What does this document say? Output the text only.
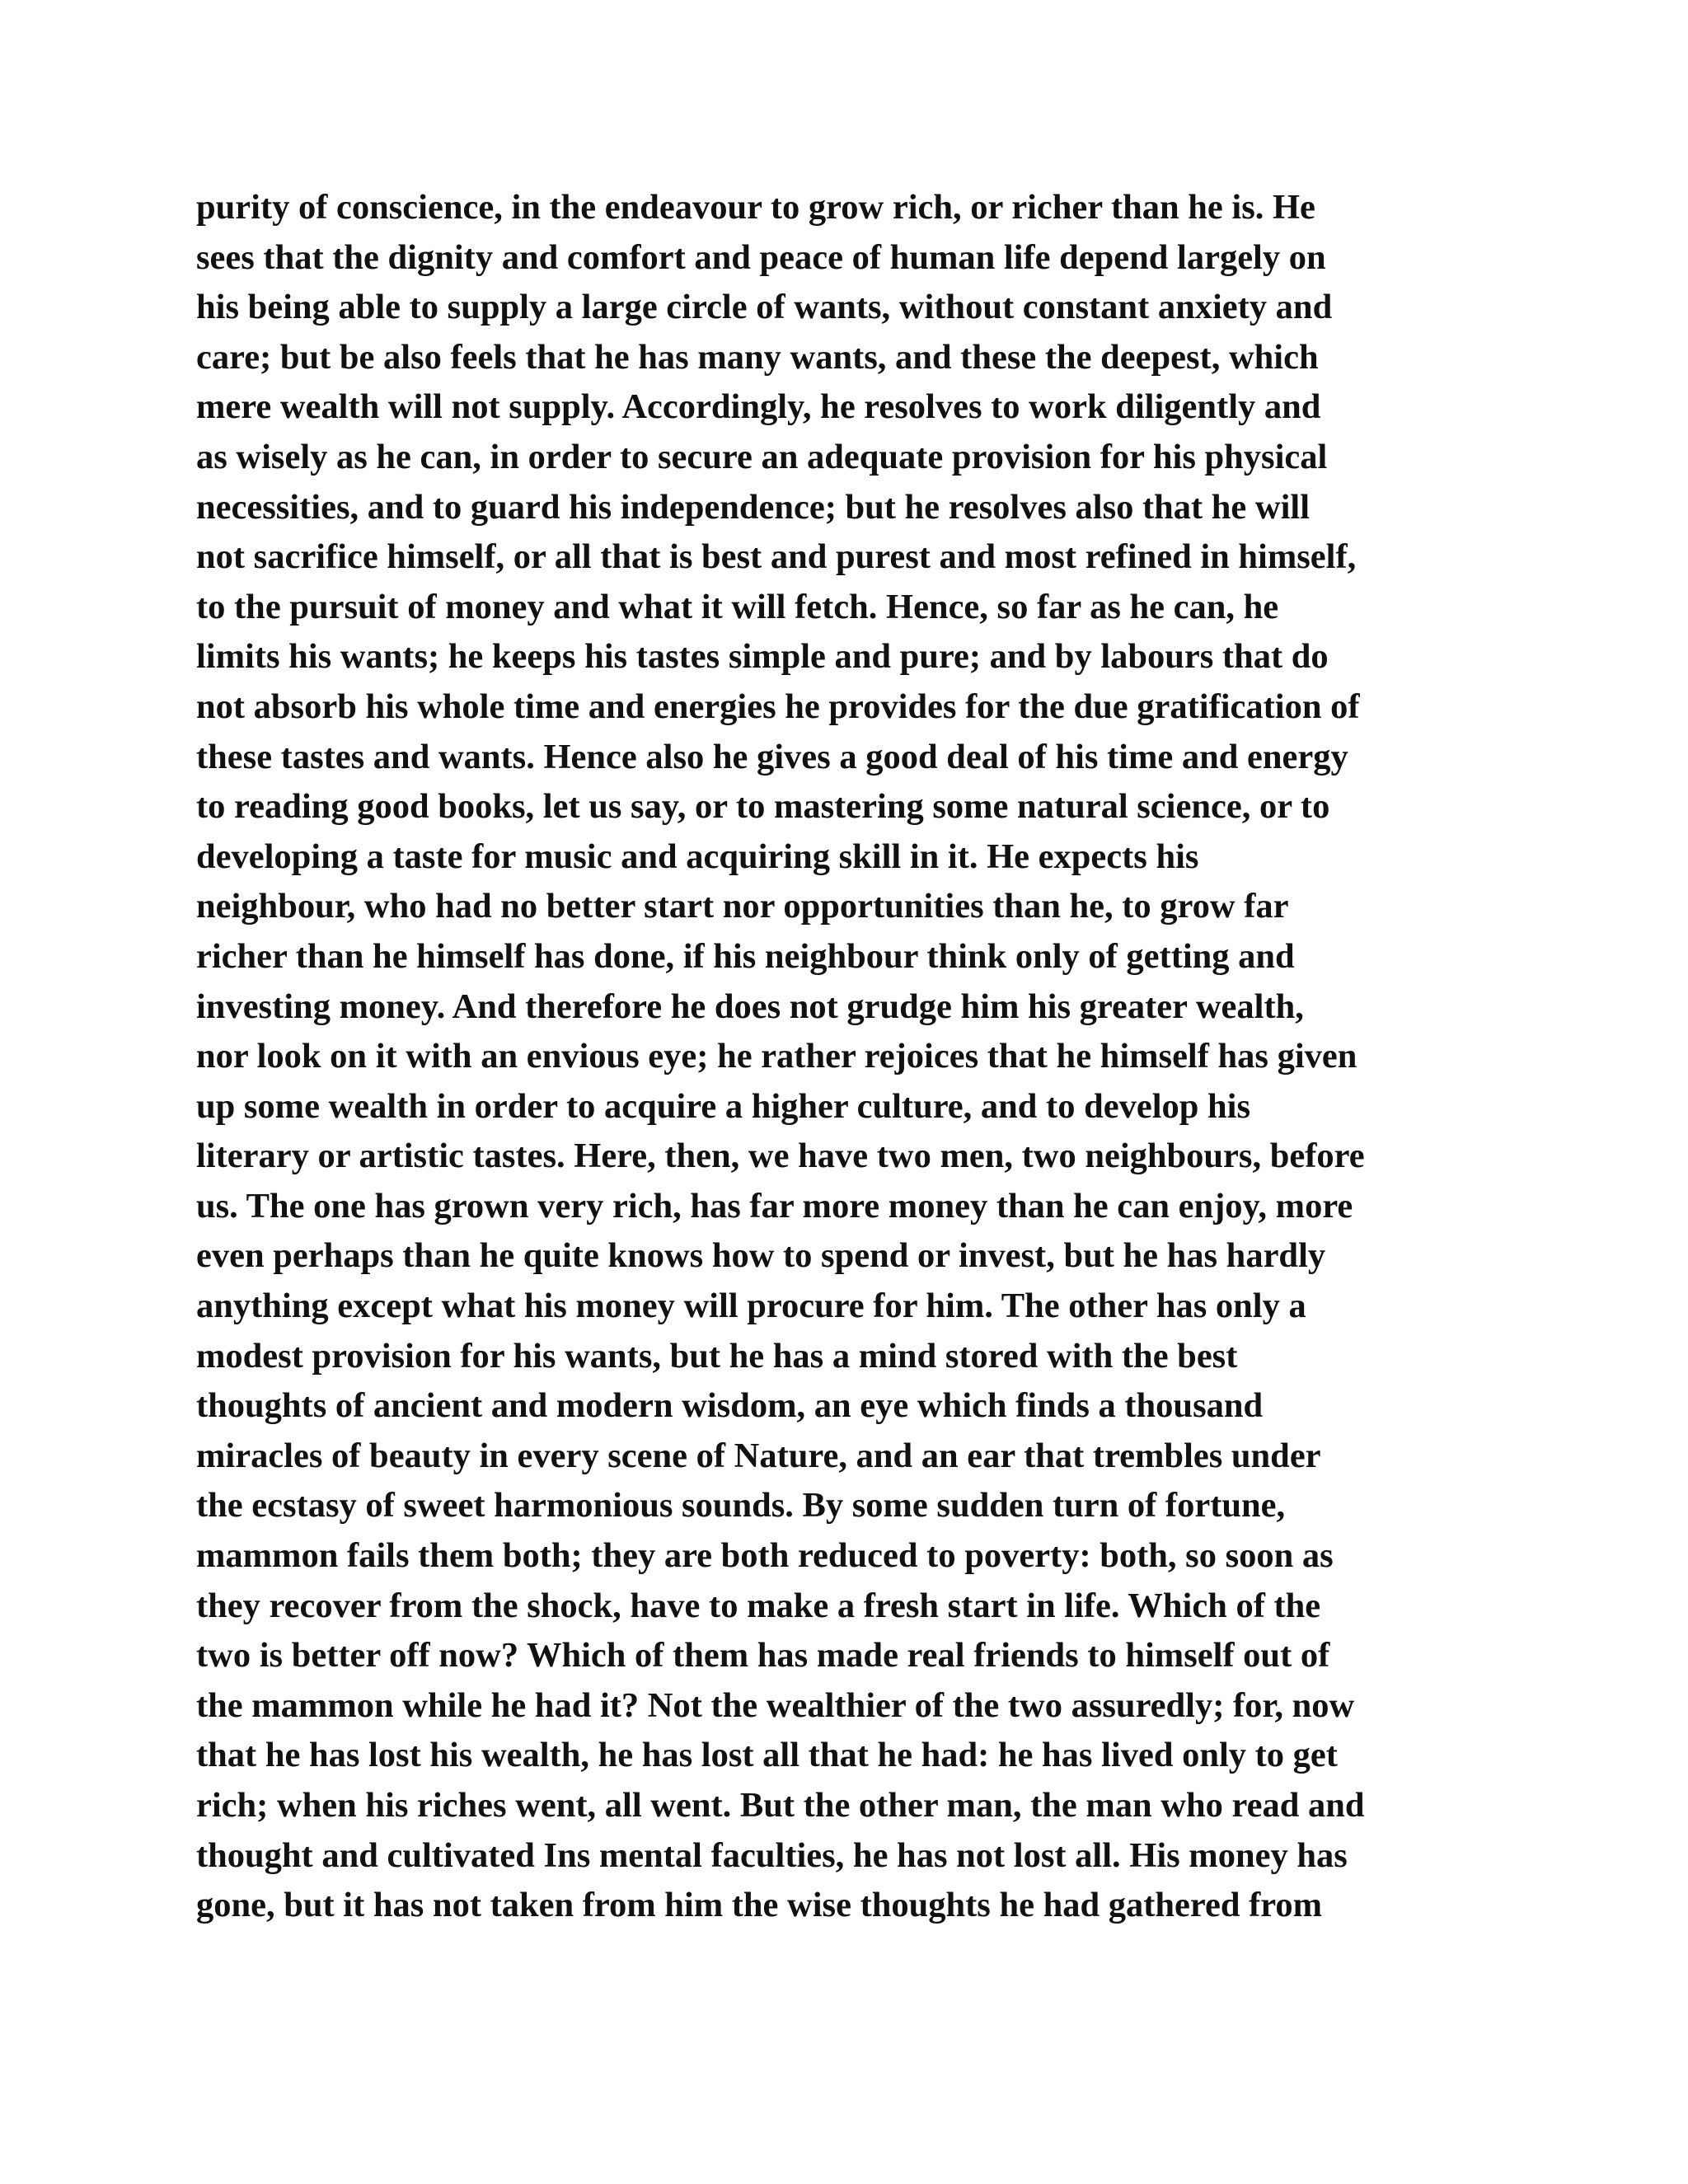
purity of conscience, in the endeavour to grow rich, or richer than he is. He
sees that the dignity and comfort and peace of human life depend largely on
his being able to supply a large circle of wants, without constant anxiety and
care; but be also feels that he has many wants, and these the deepest, which
mere wealth will not supply. Accordingly, he resolves to work diligently and
as wisely as he can, in order to secure an adequate provision for his physical
necessities, and to guard his independence; but he resolves also that he will
not sacrifice himself, or all that is best and purest and most refined in himself,
to the pursuit of money and what it will fetch. Hence, so far as he can, he
limits his wants; he keeps his tastes simple and pure; and by labours that do
not absorb his whole time and energies he provides for the due gratification of
these tastes and wants. Hence also he gives a good deal of his time and energy
to reading good books, let us say, or to mastering some natural science, or to
developing a taste for music and acquiring skill in it. He expects his
neighbour, who had no better start nor opportunities than he, to grow far
richer than he himself has done, if his neighbour think only of getting and
investing money. And therefore he does not grudge him his greater wealth,
nor look on it with an envious eye; he rather rejoices that he himself has given
up some wealth in order to acquire a higher culture, and to develop his
literary or artistic tastes. Here, then, we have two men, two neighbours, before
us. The one has grown very rich, has far more money than he can enjoy, more
even perhaps than he quite knows how to spend or invest, but he has hardly
anything except what his money will procure for him. The other has only a
modest provision for his wants, but he has a mind stored with the best
thoughts of ancient and modern wisdom, an eye which finds a thousand
miracles of beauty in every scene of Nature, and an ear that trembles under
the ecstasy of sweet harmonious sounds. By some sudden turn of fortune,
mammon fails them both; they are both reduced to poverty: both, so soon as
they recover from the shock, have to make a fresh start in life. Which of the
two is better off now? Which of them has made real friends to himself out of
the mammon while he had it? Not the wealthier of the two assuredly; for, now
that he has lost his wealth, he has lost all that he had: he has lived only to get
rich; when his riches went, all went. But the other man, the man who read and
thought and cultivated Ins mental faculties, he has not lost all. His money has
gone, but it has not taken from him the wise thoughts he had gathered from
